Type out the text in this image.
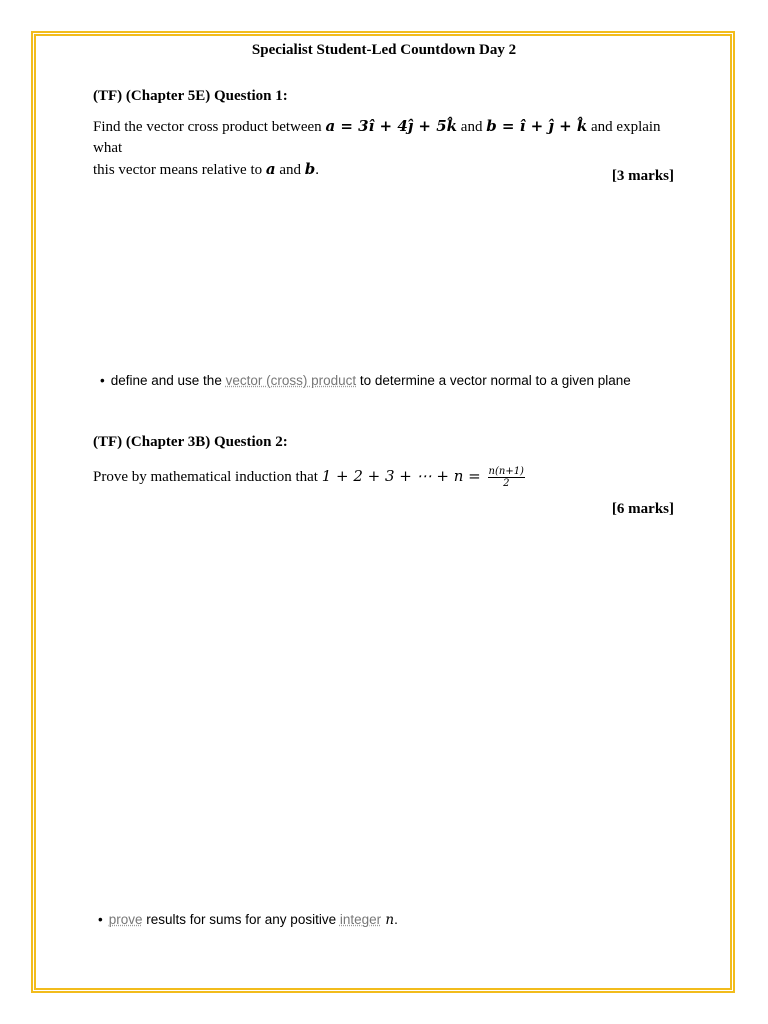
Specialist Student-Led Countdown Day 2
(TF) (Chapter 5E) Question 1:
Find the vector cross product between a = 3î + 4ĵ + 5k̂ and b = î + ĵ + k̂ and explain what
this vector means relative to a and b.	[3 marks]
• define and use the vector (cross) product to determine a vector normal to a given plane
(TF) (Chapter 3B) Question 2:
Prove by mathematical induction that 1 + 2 + 3 + ⋯ + $n = \frac{n(n+1)}{2}$
[6 marks]
• prove results for sums for any positive integer n.
